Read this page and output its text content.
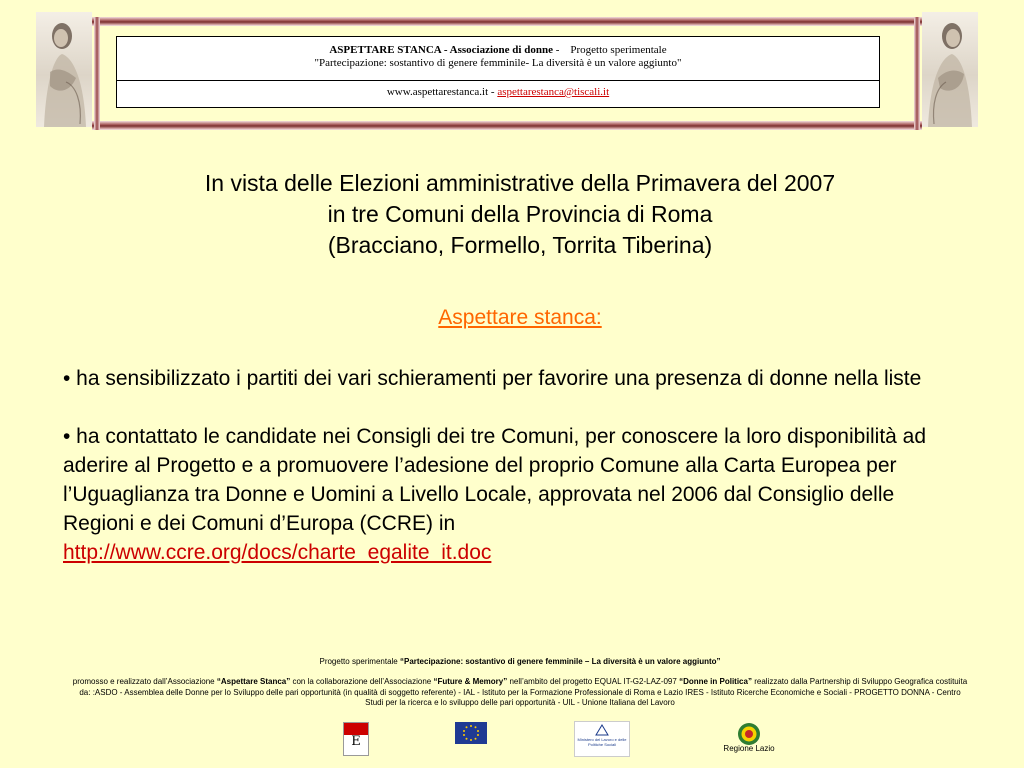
ASPETTARE STANCA - Associazione di donne - Progetto sperimentale
"Partecipazione: sostantivo di genere femminile- La diversità è un valore aggiunto"
www.aspettarestanca.it - aspettarestanca@tiscali.it
In vista delle Elezioni amministrative della Primavera del 2007
in tre Comuni della Provincia di Roma
(Bracciano, Formello, Torrita Tiberina)
Aspettare stanca:

• ha sensibilizzato i partiti dei vari schieramenti per favorire una presenza di donne nella liste

• ha contattato le candidate nei Consigli dei tre Comuni, per conoscere la loro disponibilità ad aderire al Progetto e a promuovere l’adesione del proprio Comune alla Carta Europea per l’Uguaglianza tra Donne e Uomini a Livello Locale, approvata nel 2006 dal Consiglio delle Regioni e dei Comuni d’Europa (CCRE) in
http://www.ccre.org/docs/charte_egalite_it.doc

Progetto sperimentale “Partecipazione: sostantivo di genere femminile – La diversità è un valore aggiunto”
promosso e realizzato dall’Associazione “Aspettare Stanca” con la collaborazione dell’Associazione “Future & Memory” nell’ambito del progetto EQUAL IT-G2-LAZ-097 “Donne in Politica” realizzato dalla Partnership di Sviluppo Geografica costituita da: :ASDO - Assemblea delle Donne per lo Sviluppo delle pari opportunità (in qualità di soggetto referente) - IAL - Istituto per la Formazione Professionale di Roma e Lazio IRES - Istituto Ricerche Economiche e Sociali - PROGETTO DONNA - Centro Studi per la ricerca e lo sviluppo delle pari opportunità - UIL - Unione Italiana del Lavoro
E	Ministero del Lavoro e delle Politiche Sociali	Regione Lazio
